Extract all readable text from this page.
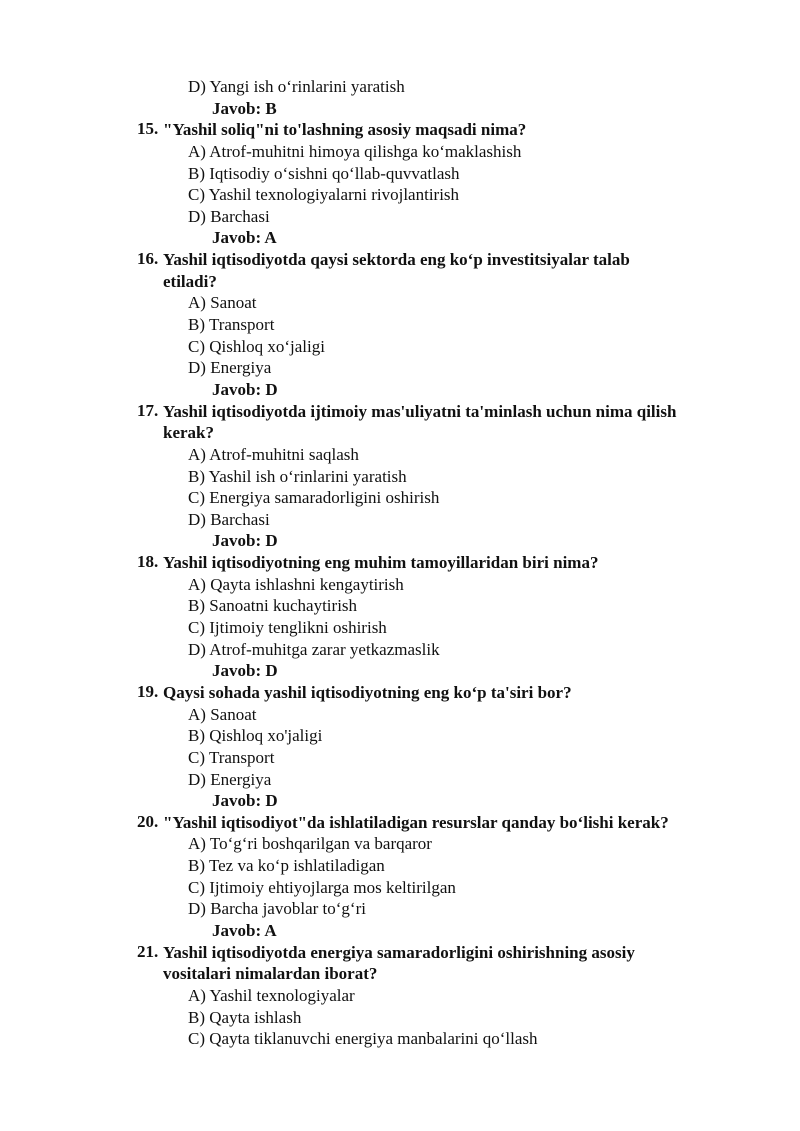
D) Yangi ish oʻrinlarini yaratish
Javob: B
15. "Yashil soliq"ni to'lashning asosiy maqsadi nima?
A) Atrof-muhitni himoya qilishga koʻmaklashish
B) Iqtisodiy oʻsishni qoʻllab-quvvatlash
C) Yashil texnologiyalarni rivojlantirish
D) Barchasi
Javob: A
16. Yashil iqtisodiyotda qaysi sektorda eng koʻp investitsiyalar talab
etiladi?
A) Sanoat
B) Transport
C) Qishloq xoʻjaligi
D) Energiya
Javob: D
17. Yashil iqtisodiyotda ijtimoiy mas'uliyatni ta'minlash uchun nima qilish
kerak?
A) Atrof-muhitni saqlash
B) Yashil ish oʻrinlarini yaratish
C) Energiya samaradorligini oshirish
D) Barchasi
Javob: D
18. Yashil iqtisodiyotning eng muhim tamoyillaridan biri nima?
A) Qayta ishlashni kengaytirish
B) Sanoatni kuchaytirish
C) Ijtimoiy tenglikni oshirish
D) Atrof-muhitga zarar yetkazmaslik
Javob: D
19. Qaysi sohada yashil iqtisodiyotning eng koʻp ta'siri bor?
A) Sanoat
B) Qishloq xo'jaligi
C) Transport
D) Energiya
Javob: D
20. "Yashil iqtisodiyot"da ishlatiladigan resurslar qanday boʻlishi kerak?
A) Toʻgʻri boshqarilgan va barqaror
B) Tez va koʻp ishlatiladigan
C) Ijtimoiy ehtiyojlarga mos keltirilgan
D) Barcha javoblar toʻgʻri
Javob: A
21. Yashil iqtisodiyotda energiya samaradorligini oshirishning asosiy
vositalari nimalardan iborat?
A) Yashil texnologiyalar
B) Qayta ishlash
C) Qayta tiklanuvchi energiya manbalarini qoʻllash
